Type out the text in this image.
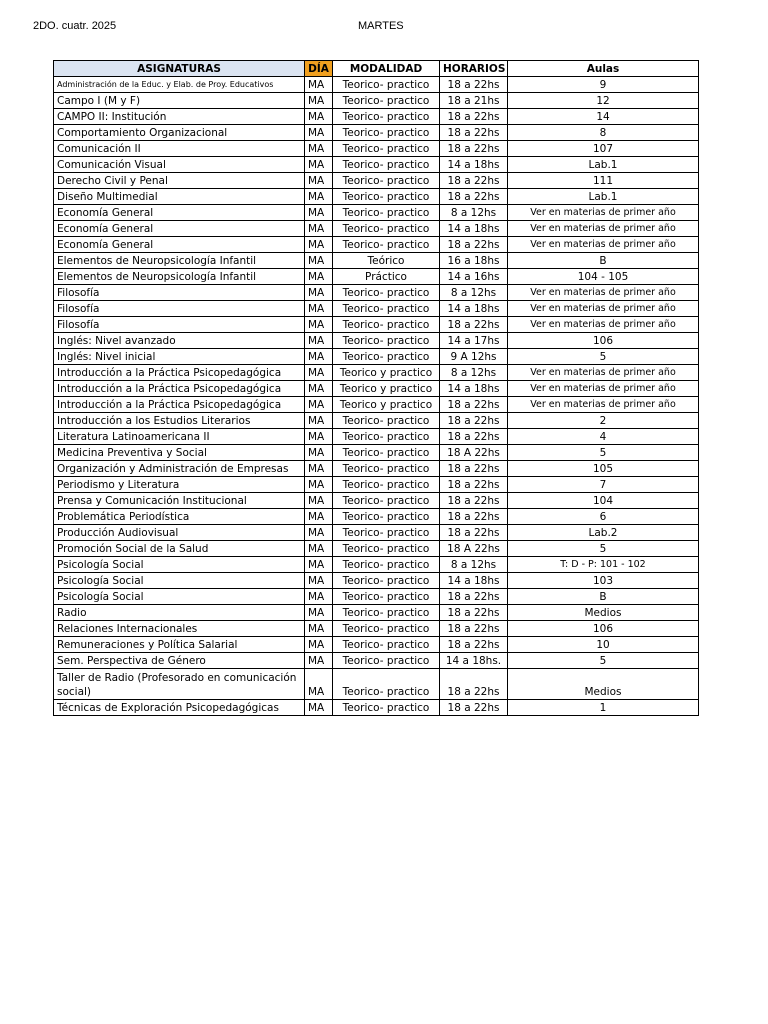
2DO. cuatr. 2025	MARTES
ASIGNATURAS	DÍA	MODALIDAD	HORARIOS	Aulas
Administración de la Educ. y Elab. de Proy. Educativos	MA	Teorico- practico	18 a 22hs	9
Campo I (M y F)	MA	Teorico- practico	18 a 21hs	12
CAMPO II: Institución	MA	Teorico- practico	18 a 22hs	14
Comportamiento Organizacional	MA	Teorico- practico	18 a 22hs	8
Comunicación II	MA	Teorico- practico	18 a 22hs	107
Comunicación Visual	MA	Teorico- practico	14 a 18hs	Lab.1
Derecho Civil y Penal	MA	Teorico- practico	18 a 22hs	111
Diseño Multimedial	MA	Teorico- practico	18 a 22hs	Lab.1
Economía General	MA	Teorico- practico	8 a 12hs	Ver en materias de primer año
Economía General	MA	Teorico- practico	14 a 18hs	Ver en materias de primer año
Economía General	MA	Teorico- practico	18 a 22hs	Ver en materias de primer año
Elementos de Neuropsicología Infantil	MA	Teórico	16 a 18hs	B
Elementos de Neuropsicología Infantil	MA	Práctico	14 a 16hs	104 - 105
Filosofía	MA	Teorico- practico	8 a 12hs	Ver en materias de primer año
Filosofía	MA	Teorico- practico	14 a 18hs	Ver en materias de primer año
Filosofía	MA	Teorico- practico	18 a 22hs	Ver en materias de primer año
Inglés: Nivel avanzado	MA	Teorico- practico	14 a 17hs	106
Inglés: Nivel inicial	MA	Teorico- practico	9 A 12hs	5
Introducción a la Práctica Psicopedagógica	MA	Teorico y practico	8 a 12hs	Ver en materias de primer año
Introducción a la Práctica Psicopedagógica	MA	Teorico y practico	14 a 18hs	Ver en materias de primer año
Introducción a la Práctica Psicopedagógica	MA	Teorico y practico	18 a 22hs	Ver en materias de primer año
Introducción a los Estudios Literarios	MA	Teorico- practico	18 a 22hs	2
Literatura Latinoamericana II	MA	Teorico- practico	18 a 22hs	4
Medicina Preventiva y Social	MA	Teorico- practico	18 A 22hs	5
Organización y Administración de Empresas	MA	Teorico- practico	18 a 22hs	105
Periodismo y Literatura	MA	Teorico- practico	18 a 22hs	7
Prensa y Comunicación Institucional	MA	Teorico- practico	18 a 22hs	104
Problemática Periodística	MA	Teorico- practico	18 a 22hs	6
Producción Audiovisual	MA	Teorico- practico	18 a 22hs	Lab.2
Promoción Social de la Salud	MA	Teorico- practico	18 A 22hs	5
Psicología Social	MA	Teorico- practico	8 a 12hs	T: D - P: 101 - 102
Psicología Social	MA	Teorico- practico	14 a 18hs	103
Psicología Social	MA	Teorico- practico	18 a 22hs	B
Radio	MA	Teorico- practico	18 a 22hs	Medios
Relaciones Internacionales	MA	Teorico- practico	18 a 22hs	106
Remuneraciones y Política Salarial	MA	Teorico- practico	18 a 22hs	10
Sem. Perspectiva de Género	MA	Teorico- practico	14 a 18hs.	5
Taller de Radio (Profesorado en comunicación social)	MA	Teorico- practico	18 a 22hs	Medios
Técnicas de Exploración Psicopedagógicas	MA	Teorico- practico	18 a 22hs	1
